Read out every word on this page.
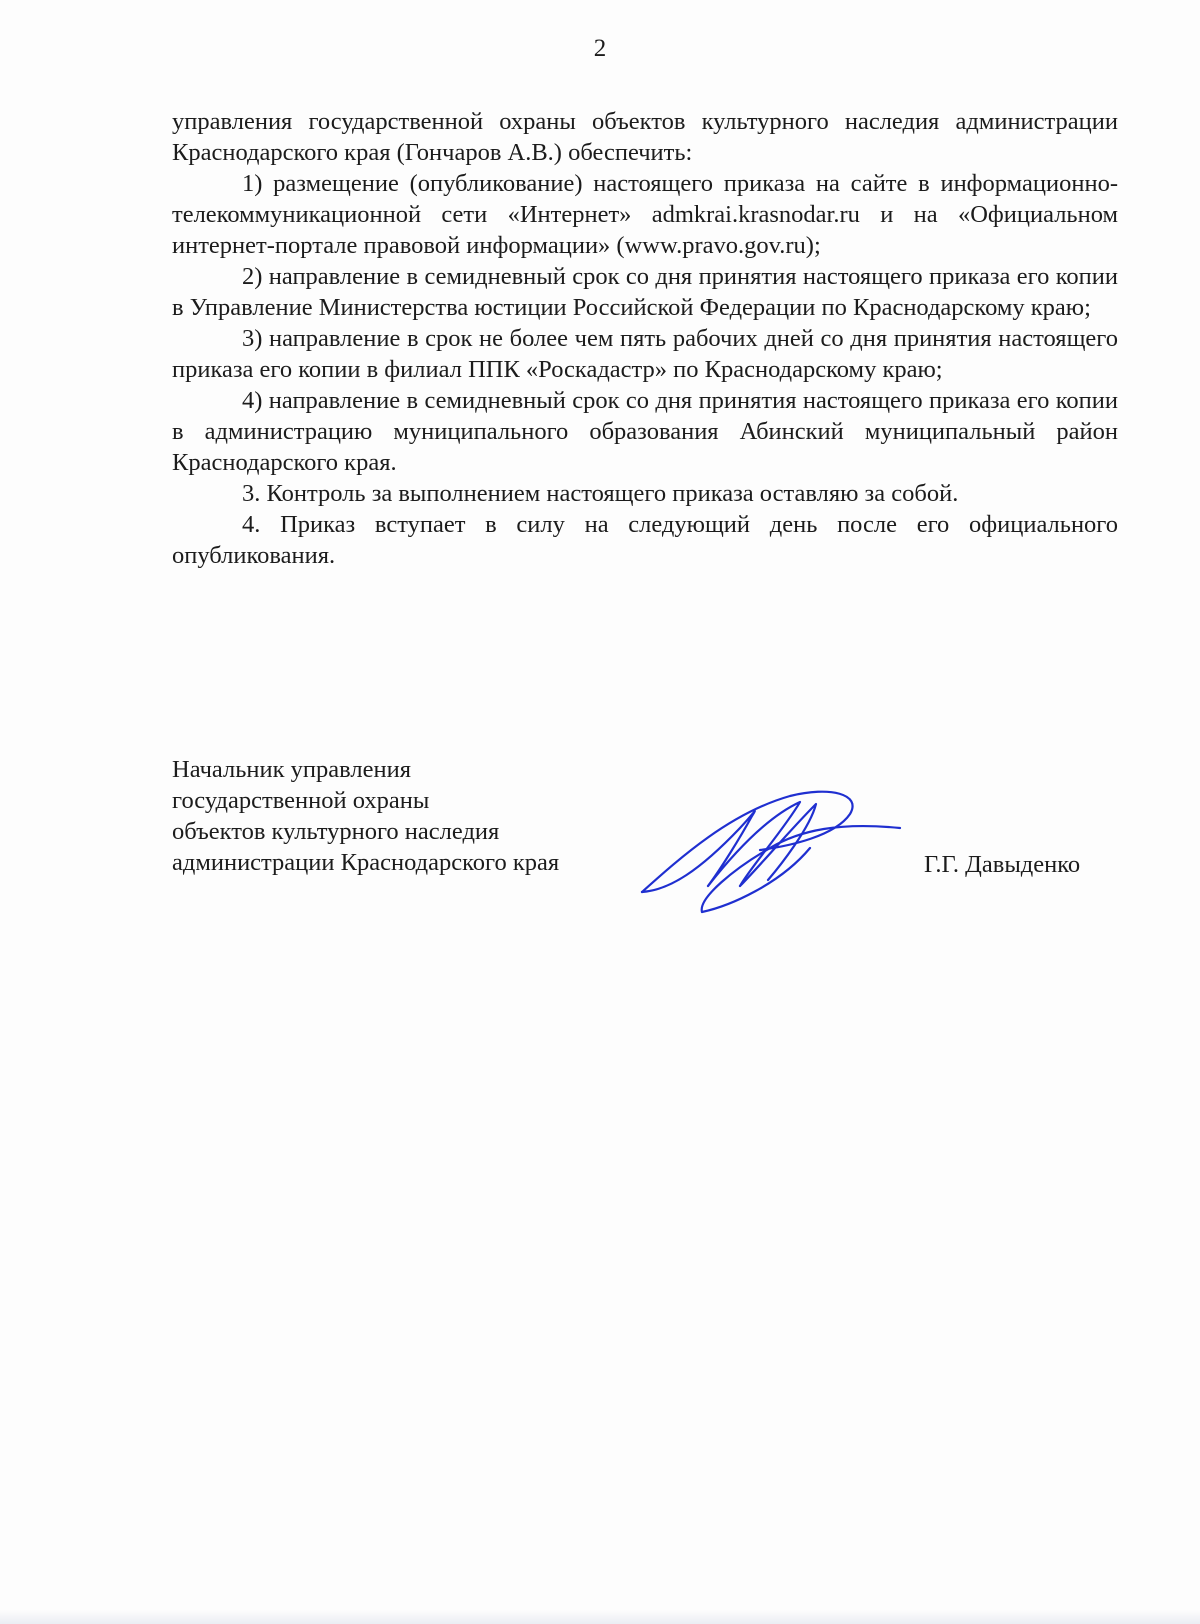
2

управления государственной охраны объектов культурного наследия администрации Краснодарского края (Гончаров А.В.) обеспечить:

1) размещение (опубликование) настоящего приказа на сайте в информационно-телекоммуникационной сети «Интернет» admkrai.krasnodar.ru и на «Официальном интернет-портале правовой информации» (www.pravo.gov.ru);

2) направление в семидневный срок со дня принятия настоящего приказа его копии в Управление Министерства юстиции Российской Федерации по Краснодарскому краю;

3) направление в срок не более чем пять рабочих дней со дня принятия настоящего приказа его копии в филиал ППК «Роскадастр» по Краснодарскому краю;

4) направление в семидневный срок со дня принятия настоящего приказа его копии в администрацию муниципального образования Абинский муниципальный район Краснодарского края.

3. Контроль за выполнением настоящего приказа оставляю за собой.

4. Приказ вступает в силу на следующий день после его официального опубликования.

Начальник управления
государственной охраны
объектов культурного наследия
администрации Краснодарского края	Г.Г. Давыденко
